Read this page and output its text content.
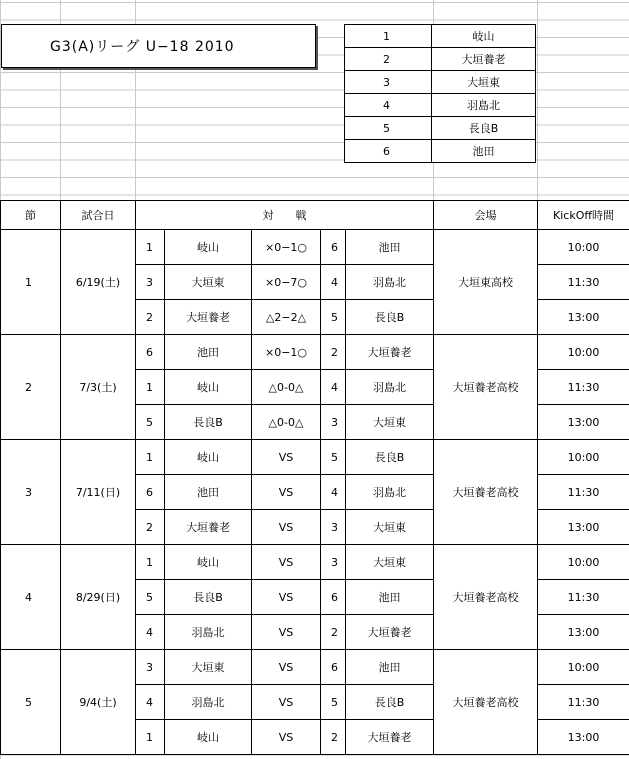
G3(A)リーグ U−18 2010
1	岐山
2	大垣養老
3	大垣東
4	羽島北
5	長良B
6	池田
節	試合日	対　　戦					会場	KickOff時間
1	6/19(土)	1	岐山	×0−1○	6	池田	大垣東高校	10:00
		3	大垣東	×0−7○	4	羽島北		11:30
		2	大垣養老	△2−2△	5	長良B		13:00
2	7/3(土)	6	池田	×0−1○	2	大垣養老	大垣養老高校	10:00
		1	岐山	△0-0△	4	羽島北		11:30
		5	長良B	△0-0△	3	大垣東		13:00
3	7/11(日)	1	岐山	VS	5	長良B	大垣養老高校	10:00
		6	池田	VS	4	羽島北		11:30
		2	大垣養老	VS	3	大垣東		13:00
4	8/29(日)	1	岐山	VS	3	大垣東	大垣養老高校	10:00
		5	長良B	VS	6	池田		11:30
		4	羽島北	VS	2	大垣養老		13:00
5	9/4(土)	3	大垣東	VS	6	池田	大垣養老高校	10:00
		4	羽島北	VS	5	長良B		11:30
		1	岐山	VS	2	大垣養老		13:00
